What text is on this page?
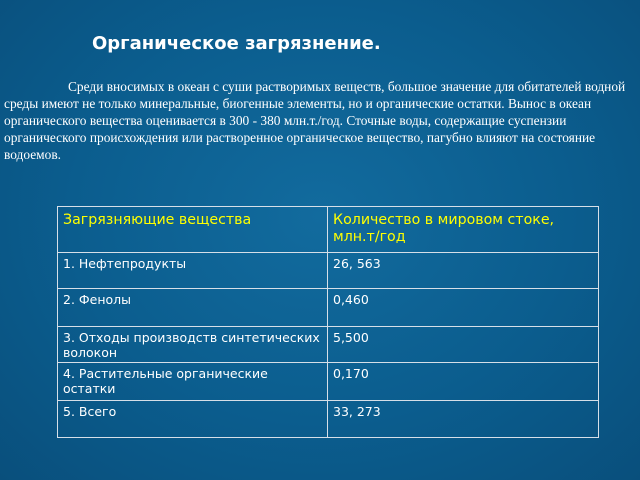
Органическое загрязнение.

Среди вносимых в океан с суши растворимых веществ, большое значение для обитателей водной среды имеют не только минеральные, биогенные элементы, но и органические остатки. Вынос в океан органического вещества оценивается в 300 - 380 млн.т./год. Сточные воды, содержащие суспензии органического происхождения или растворенное органическое вещество, пагубно влияют на состояние водоемов.

Загрязняющие вещества	Количество в мировом стоке, млн.т/год
1. Нефтепродукты	26, 563
2. Фенолы	0,460
3. Отходы производств синтетических волокон	5,500
4. Растительные органические остатки	0,170
5. Всего	33, 273
